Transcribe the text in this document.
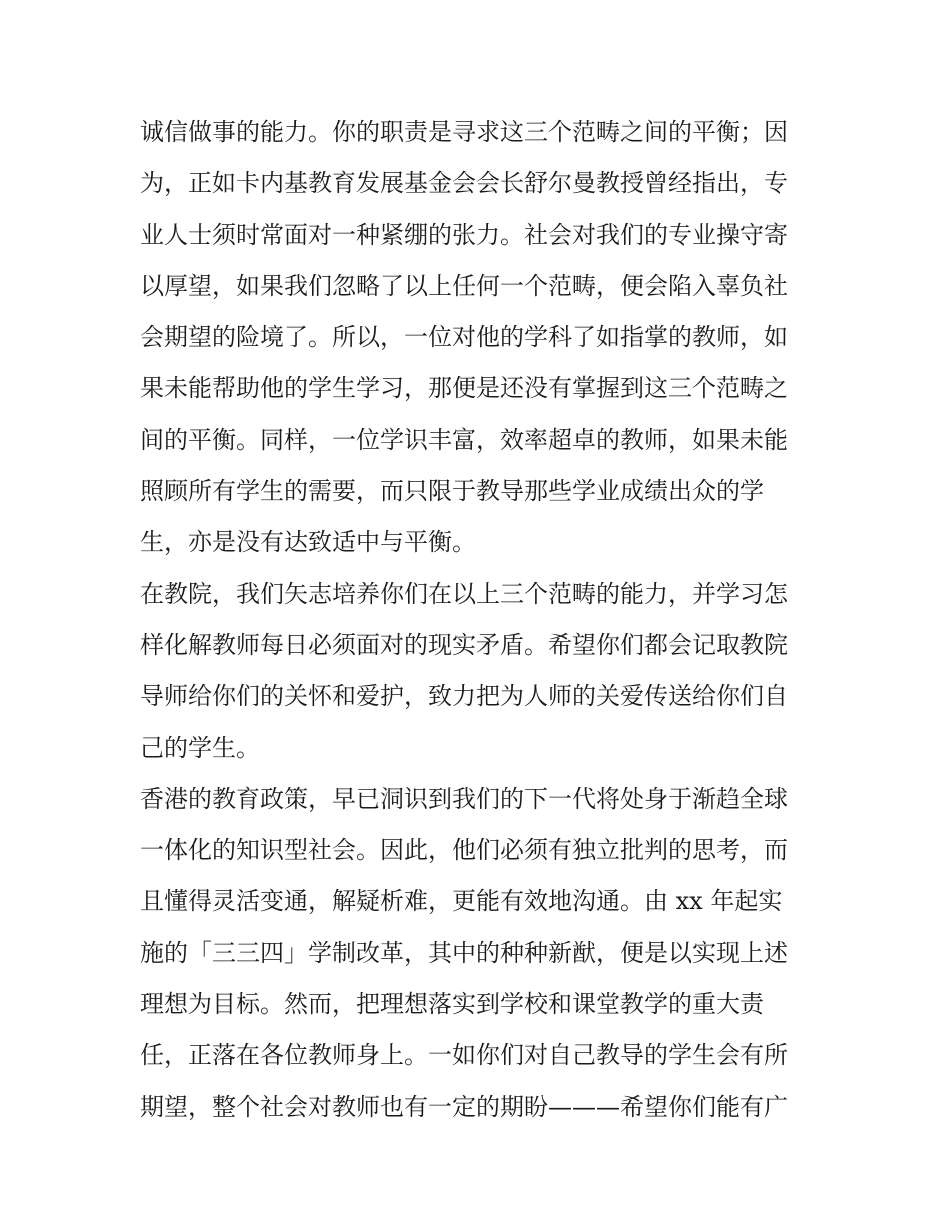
诚信做事的能力。你的职责是寻求这三个范畴之间的平衡；因
为，正如卡内基教育发展基金会会长舒尔曼教授曾经指出，专
业人士须时常面对一种紧绷的张力。社会对我们的专业操守寄
以厚望，如果我们忽略了以上任何一个范畴，便会陷入辜负社
会期望的险境了。所以，一位对他的学科了如指掌的教师，如
果未能帮助他的学生学习，那便是还没有掌握到这三个范畴之
间的平衡。同样，一位学识丰富，效率超卓的教师，如果未能
照顾所有学生的需要，而只限于教导那些学业成绩出众的学
生，亦是没有达致适中与平衡。
在教院，我们矢志培养你们在以上三个范畴的能力，并学习怎
样化解教师每日必须面对的现实矛盾。希望你们都会记取教院
导师给你们的关怀和爱护，致力把为人师的关爱传送给你们自
己的学生。
香港的教育政策，早已洞识到我们的下一代将处身于渐趋全球
一体化的知识型社会。因此，他们必须有独立批判的思考，而
且懂得灵活变通，解疑析难，更能有效地沟通。由 xx 年起实
施的「三三四」学制改革，其中的种种新猷，便是以实现上述
理想为目标。然而，把理想落实到学校和课堂教学的重大责
任，正落在各位教师身上。一如你们对自己教导的学生会有所
期望，整个社会对教师也有一定的期盼———希望你们能有广
